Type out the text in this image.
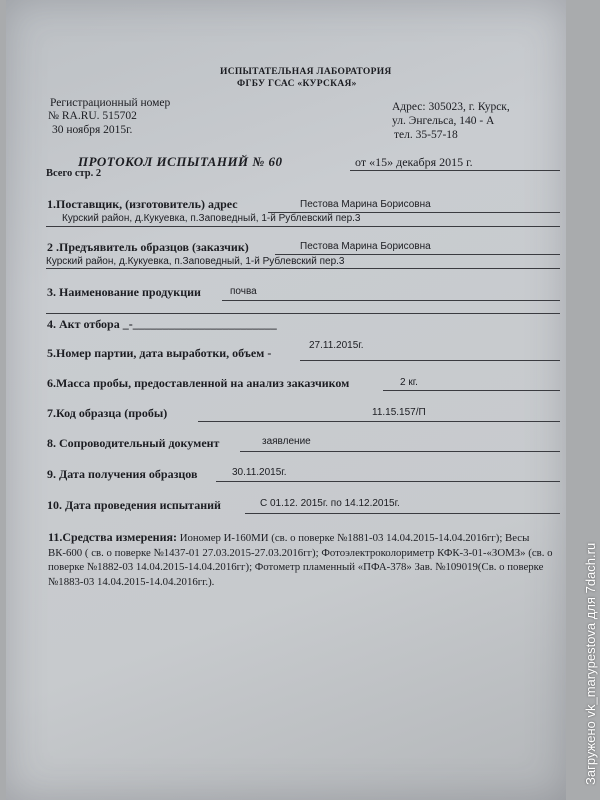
ИСПЫТАТЕЛЬНАЯ ЛАБОРАТОРИЯ
ФГБУ ГСАС «КУРСКАЯ»
Регистрационный номер
№ RA.RU. 515702
30 ноября 2015г.
Адрес: 305023, г. Курск,
ул. Энгельса, 140 - А
тел. 35-57-18
ПРОТОКОЛ ИСПЫТАНИЙ № 60	от «15» декабря 2015 г.
Всего стр. 2
1.Поставщик, (изготовитель) адрес	Пестова Марина Борисовна
Курский район, д.Кукуевка, п.Заповедный, 1-й Рублевский пер.3
2 .Предъявитель образцов (заказчик)	Пестова Марина Борисовна
Курский район, д.Кукуевка, п.Заповедный, 1-й Рублевский пер.3
3. Наименование продукции	почва
4. Акт отбора _-________________________
5.Номер партии, дата выработки, объем -
27.11.2015г.
6.Масса пробы, предоставленной на анализ заказчиком	2 кг.
7.Код образца (пробы)	11.15.157/П
8. Сопроводительный документ	заявление
9. Дата получения образцов	30.11.2015г.
10. Дата проведения испытаний	С 01.12. 2015г. по 14.12.2015г.
11.Средства измерения: Иономер И-160МИ (св. о поверке №1881-03 14.04.2015-14.04.2016гг); Весы ВК-600 ( св. о поверке №1437-01 27.03.2015-27.03.2016гг); Фотоэлектроколориметр КФК-3-01-«ЗОМЗ» (св. о поверке №1882-03 14.04.2015-14.04.2016гг); Фотометр пламенный «ПФА-378» Зав. №109019(Св. о поверке №1883-03 14.04.2015-14.04.2016гг.).	Загружено vk_marypestova для 7dach.ru
